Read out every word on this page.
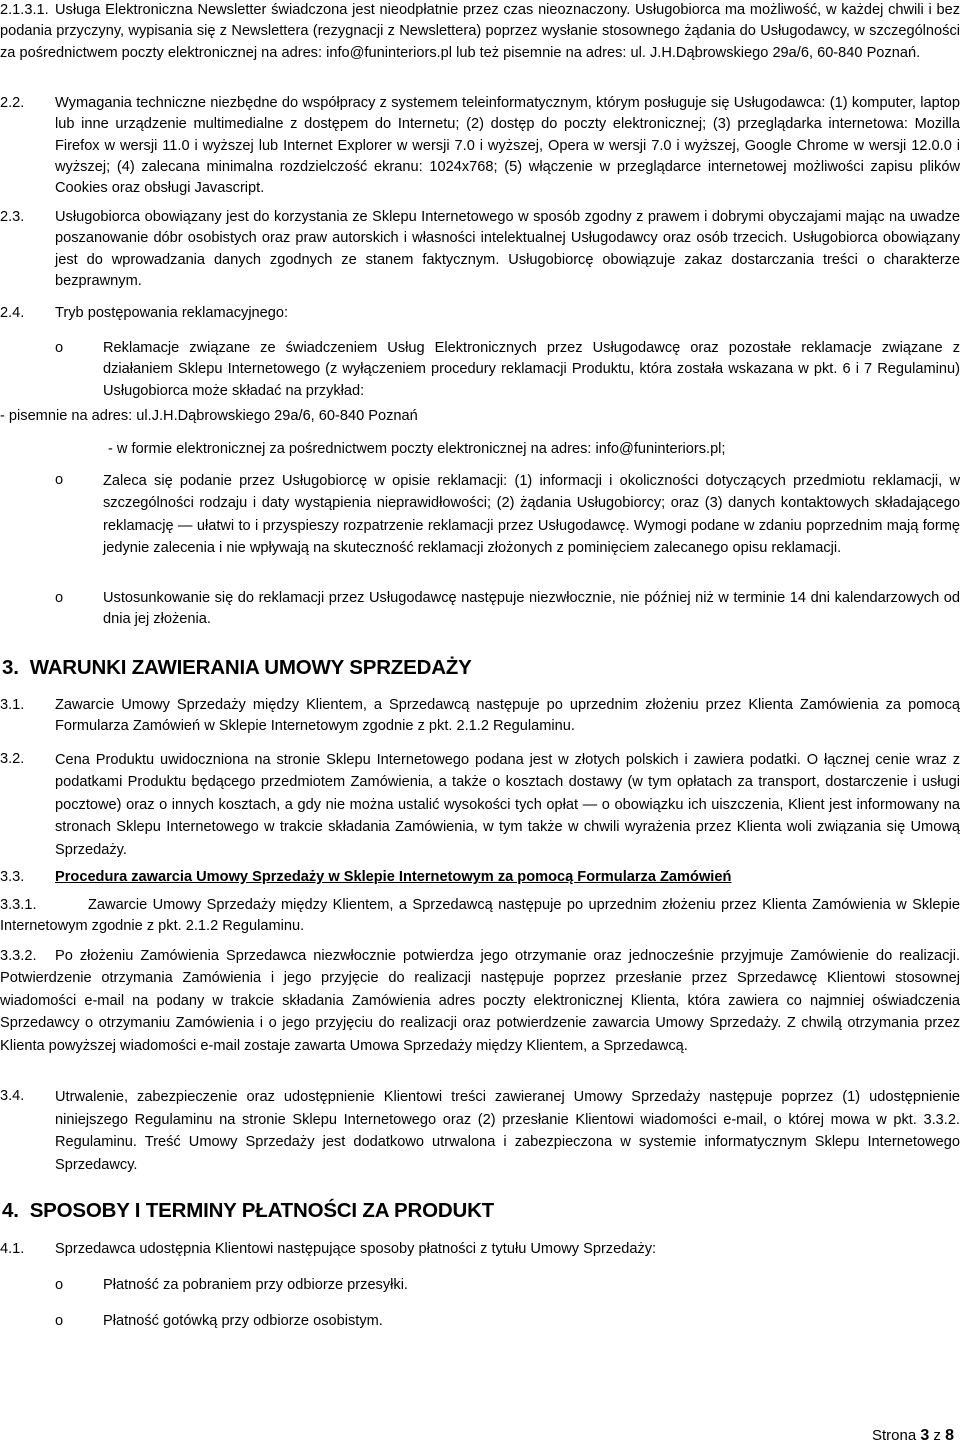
2.1.3.1. Usługa Elektroniczna Newsletter świadczona jest nieodpłatnie przez czas nieoznaczony. Usługobiorca ma możliwość, w każdej chwili i bez podania przyczyny, wypisania się z Newslettera (rezygnacji z Newslettera) poprzez wysłanie stosownego żądania do Usługodawcy, w szczególności za pośrednictwem poczty elektronicznej na adres: info@funinteriors.pl lub też pisemnie na adres: ul. J.H.Dąbrowskiego 29a/6, 60-840 Poznań.
2.2. Wymagania techniczne niezbędne do współpracy z systemem teleinformatycznym, którym posługuje się Usługodawca: (1) komputer, laptop lub inne urządzenie multimedialne z dostępem do Internetu; (2) dostęp do poczty elektronicznej; (3) przeglądarka internetowa: Mozilla Firefox w wersji 11.0 i wyższej lub Internet Explorer w wersji 7.0 i wyższej, Opera w wersji 7.0 i wyższej, Google Chrome w wersji 12.0.0 i wyższej; (4) zalecana minimalna rozdzielczość ekranu: 1024x768; (5) włączenie w przeglądarce internetowej możliwości zapisu plików Cookies oraz obsługi Javascript.
2.3. Usługobiorca obowiązany jest do korzystania ze Sklepu Internetowego w sposób zgodny z prawem i dobrymi obyczajami mając na uwadze poszanowanie dóbr osobistych oraz praw autorskich i własności intelektualnej Usługodawcy oraz osób trzecich. Usługobiorca obowiązany jest do wprowadzania danych zgodnych ze stanem faktycznym. Usługobiorcę obowiązuje zakaz dostarczania treści o charakterze bezprawnym.
2.4. Tryb postępowania reklamacyjnego:
o	Reklamacje związane ze świadczeniem Usług Elektronicznych przez Usługodawcę oraz pozostałe reklamacje związane z działaniem Sklepu Internetowego (z wyłączeniem procedury reklamacji Produktu, która została wskazana w pkt. 6 i 7 Regulaminu) Usługobiorca może składać na przykład:
- pisemnie na adres: ul.J.H.Dąbrowskiego 29a/6, 60-840 Poznań
- w formie elektronicznej za pośrednictwem poczty elektronicznej na adres: info@funinteriors.pl;
o	Zaleca się podanie przez Usługobiorcę w opisie reklamacji: (1) informacji i okoliczności dotyczących przedmiotu reklamacji, w szczególności rodzaju i daty wystąpienia nieprawidłowości; (2) żądania Usługobiorcy; oraz (3) danych kontaktowych składającego reklamację — ułatwi to i przyspieszy rozpatrzenie reklamacji przez Usługodawcę. Wymogi podane w zdaniu poprzednim mają formę jedynie zalecenia i nie wpływają na skuteczność reklamacji złożonych z pominięciem zalecanego opisu reklamacji.
o	Ustosunkowanie się do reklamacji przez Usługodawcę następuje niezwłocznie, nie później niż w terminie 14 dni kalendarzowych od dnia jej złożenia.
3.  WARUNKI ZAWIERANIA UMOWY SPRZEDAŻY
3.1. Zawarcie Umowy Sprzedaży między Klientem, a Sprzedawcą następuje po uprzednim złożeniu przez Klienta Zamówienia za pomocą Formularza Zamówień w Sklepie Internetowym zgodnie z pkt. 2.1.2 Regulaminu.
3.2. Cena Produktu uwidoczniona na stronie Sklepu Internetowego podana jest w złotych polskich i zawiera podatki. O łącznej cenie wraz z podatkami Produktu będącego przedmiotem Zamówienia, a także o kosztach dostawy (w tym opłatach za transport, dostarczenie i usługi pocztowe) oraz o innych kosztach, a gdy nie można ustalić wysokości tych opłat — o obowiązku ich uiszczenia, Klient jest informowany na stronach Sklepu Internetowego w trakcie składania Zamówienia, w tym także w chwili wyrażenia przez Klienta woli związania się Umową Sprzedaży.
3.3. Procedura zawarcia Umowy Sprzedaży w Sklepie Internetowym za pomocą Formularza Zamówień
3.3.1.	Zawarcie Umowy Sprzedaży między Klientem, a Sprzedawcą następuje po uprzednim złożeniu przez Klienta Zamówienia w Sklepie Internetowym zgodnie z pkt. 2.1.2 Regulaminu.
3.3.2. Po złożeniu Zamówienia Sprzedawca niezwłocznie potwierdza jego otrzymanie oraz jednocześnie przyjmuje Zamówienie do realizacji. Potwierdzenie otrzymania Zamówienia i jego przyjęcie do realizacji następuje poprzez przesłanie przez Sprzedawcę Klientowi stosownej wiadomości e-mail na podany w trakcie składania Zamówienia adres poczty elektronicznej Klienta, która zawiera co najmniej oświadczenia Sprzedawcy o otrzymaniu Zamówienia i o jego przyjęciu do realizacji oraz potwierdzenie zawarcia Umowy Sprzedaży. Z chwilą otrzymania przez Klienta powyższej wiadomości e-mail zostaje zawarta Umowa Sprzedaży między Klientem, a Sprzedawcą.
3.4. Utrwalenie, zabezpieczenie oraz udostępnienie Klientowi treści zawieranej Umowy Sprzedaży następuje poprzez (1) udostępnienie niniejszego Regulaminu na stronie Sklepu Internetowego oraz (2) przesłanie Klientowi wiadomości e-mail, o której mowa w pkt. 3.3.2. Regulaminu. Treść Umowy Sprzedaży jest dodatkowo utrwalona i zabezpieczona w systemie informatycznym Sklepu Internetowego Sprzedawcy.
4.  SPOSOBY I TERMINY PŁATNOŚCI ZA PRODUKT
4.1. Sprzedawca udostępnia Klientowi następujące sposoby płatności z tytułu Umowy Sprzedaży:
o	Płatność za pobraniem przy odbiorze przesyłki.
o	Płatność gotówką przy odbiorze osobistym.
Strona 3 z 8
